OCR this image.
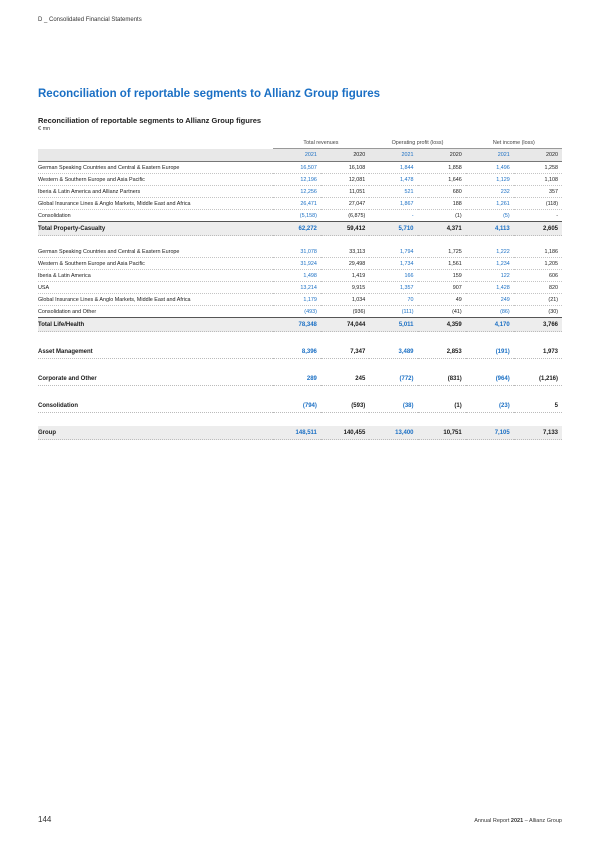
D _ Consolidated Financial Statements
Reconciliation of reportable segments to Allianz Group figures
Reconciliation of reportable segments to Allianz Group figures
€ mn
	Total revenues		Operating profit (loss)		Net income (loss)	
	2021	2020	2021	2020	2021	2020
German Speaking Countries and Central & Eastern Europe	16,507	16,108	1,844	1,858	1,496	1,258
Western & Southern Europe and Asia Pacific	12,196	12,081	1,478	1,646	1,129	1,108
Iberia & Latin America and Allianz Partners	12,256	11,051	521	680	232	357
Global Insurance Lines & Anglo Markets, Middle East and Africa	26,471	27,047	1,867	188	1,261	(118)
Consolidation	(5,158)	(6,875)	-	(1)	(5)	-
Total Property-Casualty	62,272	59,412	5,710	4,371	4,113	2,605

German Speaking Countries and Central & Eastern Europe	31,078	33,113	1,794	1,725	1,222	1,186
Western & Southern Europe and Asia Pacific	31,924	29,498	1,734	1,561	1,234	1,205
Iberia & Latin America	1,498	1,419	166	159	122	606
USA	13,214	9,915	1,357	907	1,428	820
Global Insurance Lines & Anglo Markets, Middle East and Africa	1,179	1,034	70	49	249	(21)
Consolidation and Other	(493)	(936)	(111)	(41)	(86)	(30)
Total Life/Health	78,348	74,044	5,011	4,359	4,170	3,766

Asset Management	8,396	7,347	3,489	2,853	(191)	1,973

Corporate and Other	289	245	(772)	(831)	(964)	(1,216)

Consolidation	(794)	(593)	(38)	(1)	(23)	5

Group	148,511	140,455	13,400	10,751	7,105	7,133
144	Annual Report 2021 – Allianz Group
